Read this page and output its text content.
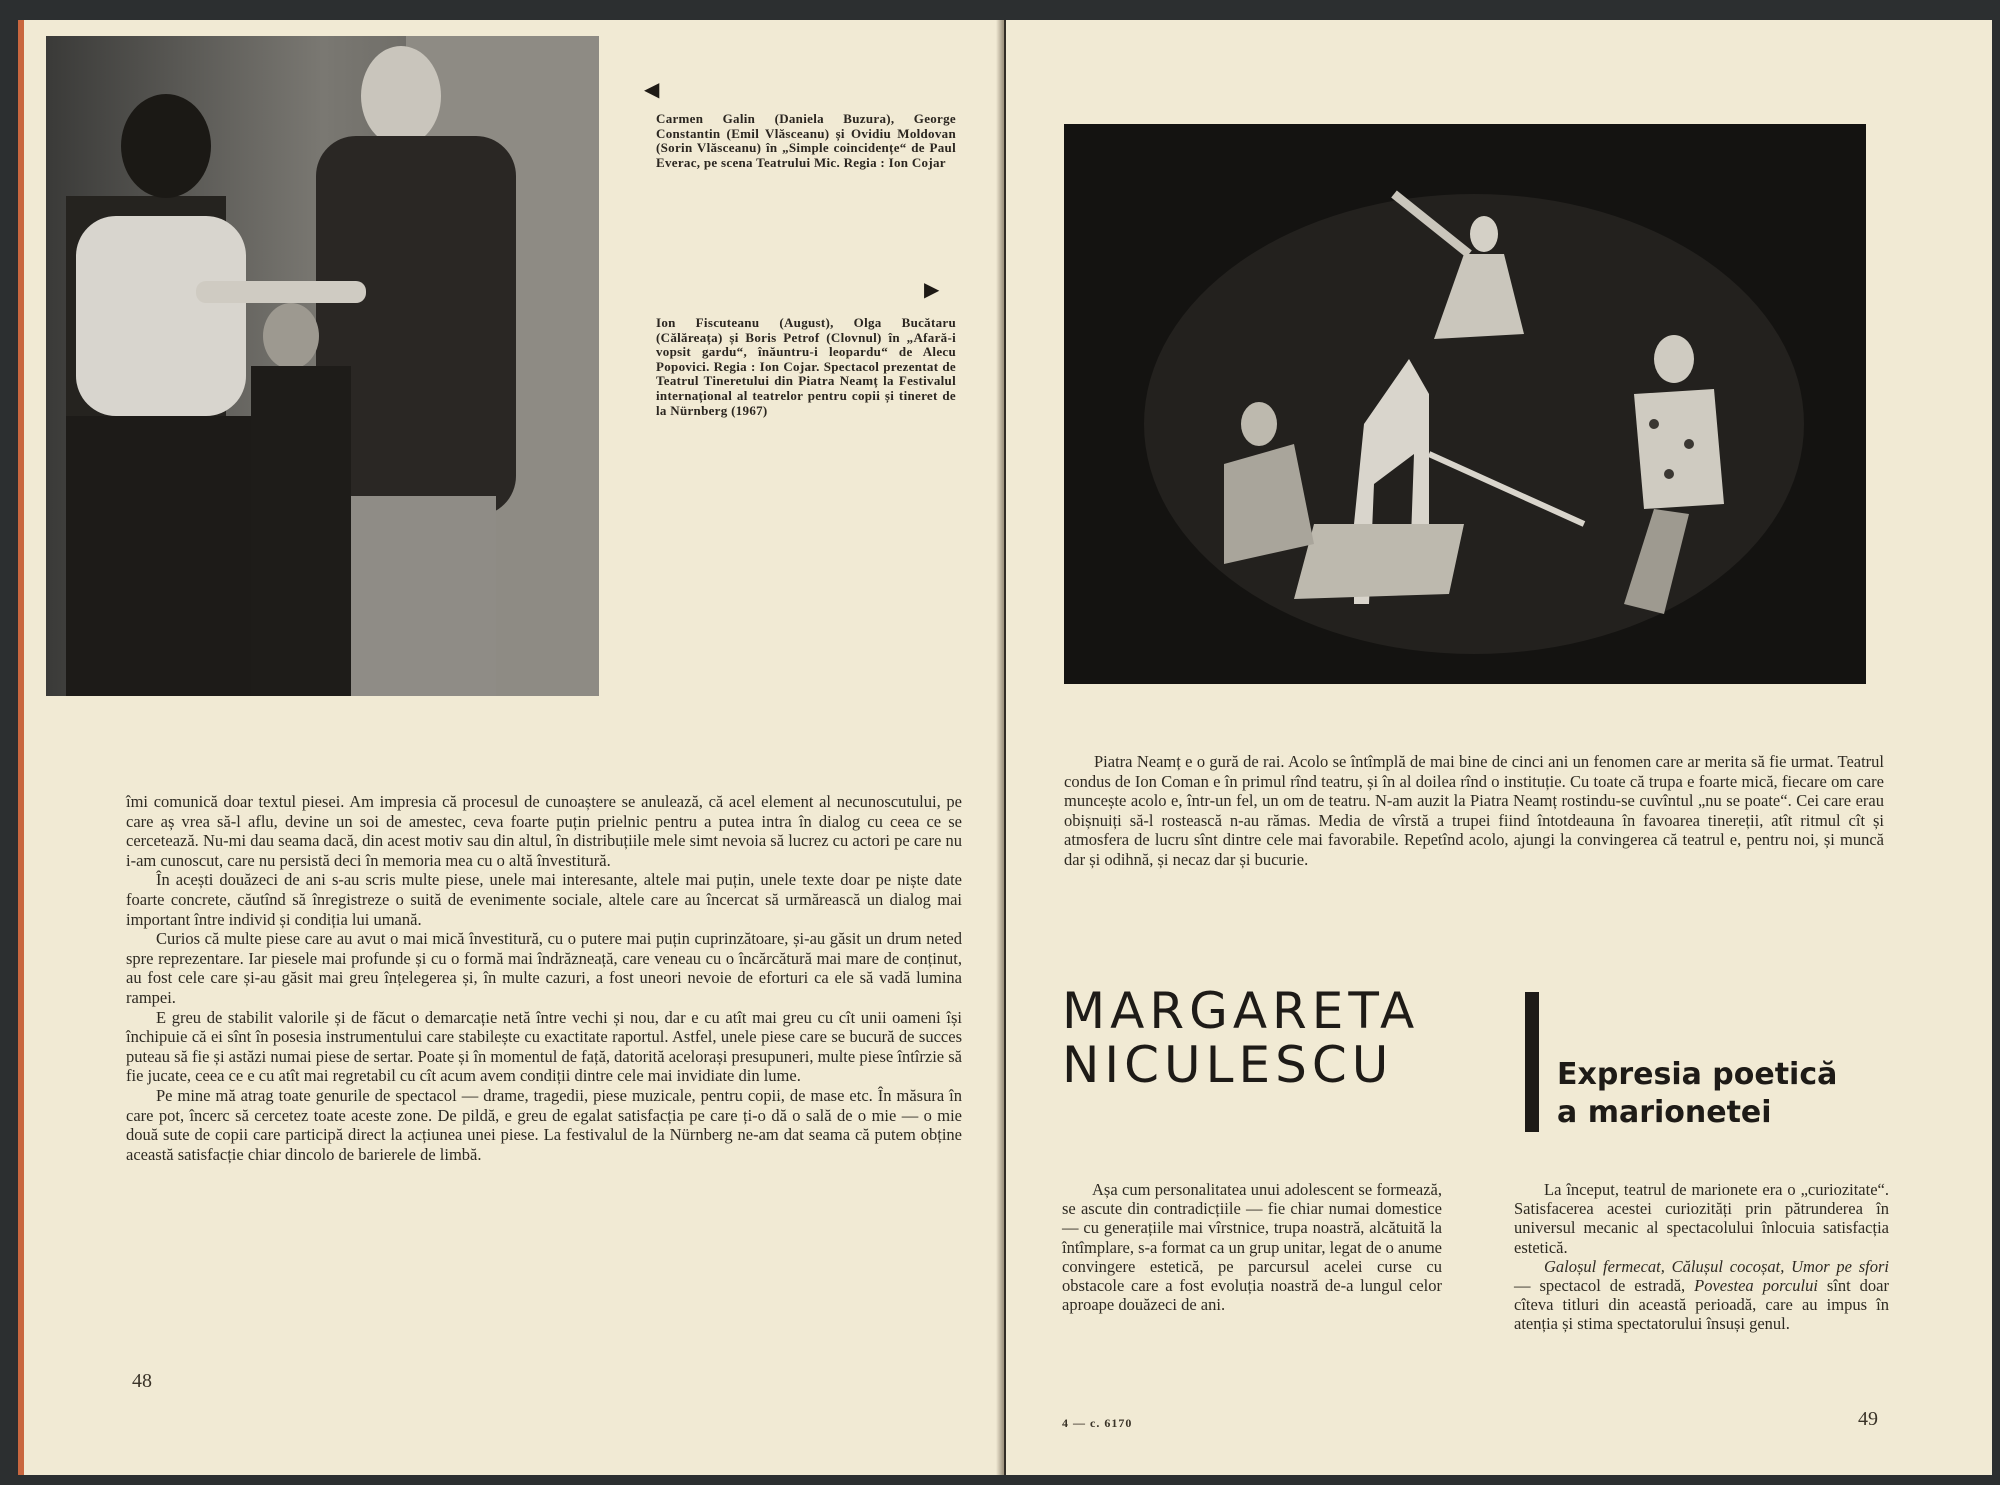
◀

Carmen Galin (Daniela Buzura), George Constantin (Emil Vlăsceanu) și Ovidiu Moldovan (Sorin Vlăsceanu) în „Simple coincidențe“ de Paul Everac, pe scena Teatrului Mic. Regia : Ion Cojar

▶

Ion Fiscuteanu (August), Olga Bucătaru (Călăreața) și Boris Petrof (Clovnul) în „Afară-i vopsit gardu“, înăuntru-i leopardu“ de Alecu Popovici. Regia : Ion Cojar. Spectacol prezentat de Teatrul Tineretului din Piatra Neamț la Festivalul internațional al teatrelor pentru copii și tineret de la Nürnberg (1967)

îmi comunică doar textul piesei. Am impresia că procesul de cunoaștere se anulează, că acel element al necunoscutului, pe care aș vrea să-l aflu, devine un soi de amestec, ceva foarte puțin prielnic pentru a putea intra în dialog cu ceea ce se cercetează. Nu-mi dau seama dacă, din acest motiv sau din altul, în distribuțiile mele simt nevoia să lucrez cu actori pe care nu i-am cunoscut, care nu persistă deci în memoria mea cu o altă învestitură.

În acești douăzeci de ani s-au scris multe piese, unele mai interesante, altele mai puțin, unele texte doar pe niște date foarte concrete, căutînd să înregistreze o suită de evenimente sociale, altele care au încercat să urmărească un dialog mai important între individ și condiția lui umană.

Curios că multe piese care au avut o mai mică învestitură, cu o putere mai puțin cuprinzătoare, și-au găsit un drum neted spre reprezentare. Iar piesele mai profunde și cu o formă mai îndrăzneață, care veneau cu o încărcătură mai mare de conținut, au fost cele care și-au găsit mai greu înțelegerea și, în multe cazuri, a fost uneori nevoie de eforturi ca ele să vadă lumina rampei.

E greu de stabilit valorile și de făcut o demarcație netă între vechi și nou, dar e cu atît mai greu cu cît unii oameni își închipuie că ei sînt în posesia instrumentului care stabilește cu exactitate raportul. Astfel, unele piese care se bucură de succes puteau să fie și astăzi numai piese de sertar. Poate și în momentul de față, datorită acelorași presupuneri, multe piese întîrzie să fie jucate, ceea ce e cu atît mai regretabil cu cît acum avem condiții dintre cele mai invidiate din lume.

Pe mine mă atrag toate genurile de spectacol — drame, tragedii, piese muzicale, pentru copii, de mase etc. În măsura în care pot, încerc să cercetez toate aceste zone. De pildă, e greu de egalat satisfacția pe care ți-o dă o sală de o mie — o mie două sute de copii care participă direct la acțiunea unei piese. La festivalul de la Nürnberg ne-am dat seama că putem obține această satisfacție chiar dincolo de barierele de limbă.

48

Piatra Neamț e o gură de rai. Acolo se întîmplă de mai bine de cinci ani un fenomen care ar merita să fie urmat. Teatrul condus de Ion Coman e în primul rînd teatru, și în al doilea rînd o instituție. Cu toate că trupa e foarte mică, fiecare om care muncește acolo e, într-un fel, un om de teatru. N-am auzit la Piatra Neamț rostindu-se cuvîntul „nu se poate“. Cei care erau obișnuiți să-l rostească n-au rămas. Media de vîrstă a trupei fiind întotdeauna în favoarea tinereții, atît ritmul cît și atmosfera de lucru sînt dintre cele mai favorabile. Repetînd acolo, ajungi la convingerea că teatrul e, pentru noi, și muncă dar și odihnă, și necaz dar și bucurie.

MARGARETA
NICULESCU	Expresia poetică
a marionetei

Așa cum personalitatea unui adolescent se formează, se ascute din contradicțiile — fie chiar numai domestice — cu generațiile mai vîrstnice, trupa noastră, alcătuită la întîmplare, s-a format ca un grup unitar, legat de o anume convingere estetică, pe parcursul acelei curse cu obstacole care a fost evoluția noastră de-a lungul celor aproape douăzeci de ani.

La început, teatrul de marionete era o „curiozitate“. Satisfacerea acestei curiozități prin pătrunderea în universul mecanic al spectacolului înlocuia satisfacția estetică.

Galoșul fermecat, Călușul cocoșat, Umor pe sfori — spectacol de estradă, Povestea porcului sînt doar cîteva titluri din această perioadă, care au impus în atenția și stima spectatorului însuși genul.

4 — c. 6170	49
